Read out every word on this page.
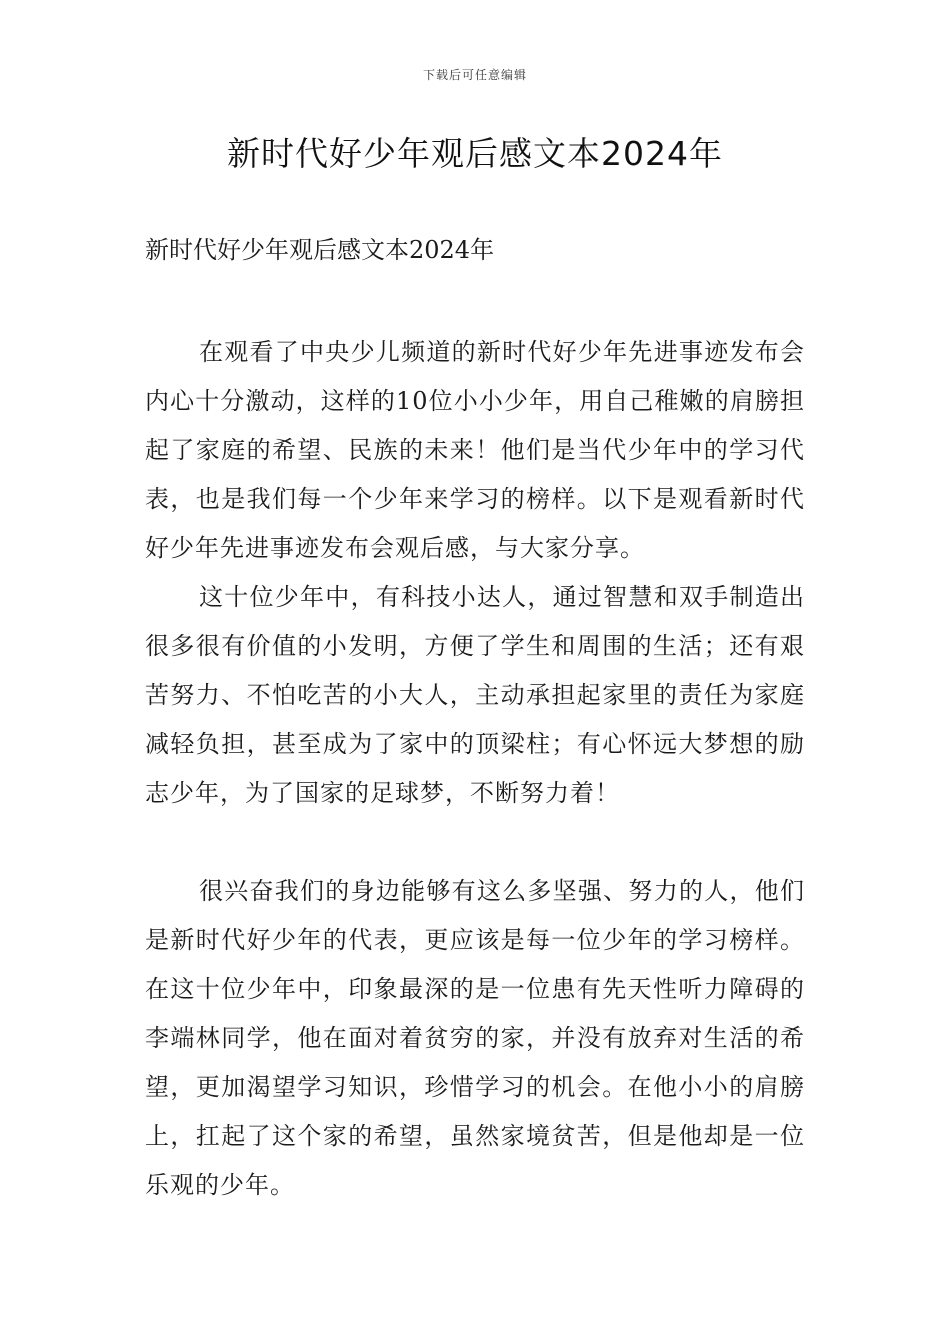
下载后可任意编辑
新时代好少年观后感文本2024年
新时代好少年观后感文本2024年

在观看了中央少儿频道的新时代好少年先进事迹发布会内心十分激动，这样的10位小小少年，用自己稚嫩的肩膀担起了家庭的希望、民族的未来！他们是当代少年中的学习代表，也是我们每一个少年来学习的榜样。以下是观看新时代好少年先进事迹发布会观后感，与大家分享。

这十位少年中，有科技小达人，通过智慧和双手制造出很多很有价值的小发明，方便了学生和周围的生活；还有艰苦努力、不怕吃苦的小大人，主动承担起家里的责任为家庭减轻负担，甚至成为了家中的顶梁柱；有心怀远大梦想的励志少年，为了国家的足球梦，不断努力着！

很兴奋我们的身边能够有这么多坚强、努力的人，他们是新时代好少年的代表，更应该是每一位少年的学习榜样。在这十位少年中，印象最深的是一位患有先天性听力障碍的李端林同学，他在面对着贫穷的家，并没有放弃对生活的希望，更加渴望学习知识，珍惜学习的机会。在他小小的肩膀上，扛起了这个家的希望，虽然家境贫苦，但是他却是一位乐观的少年。
